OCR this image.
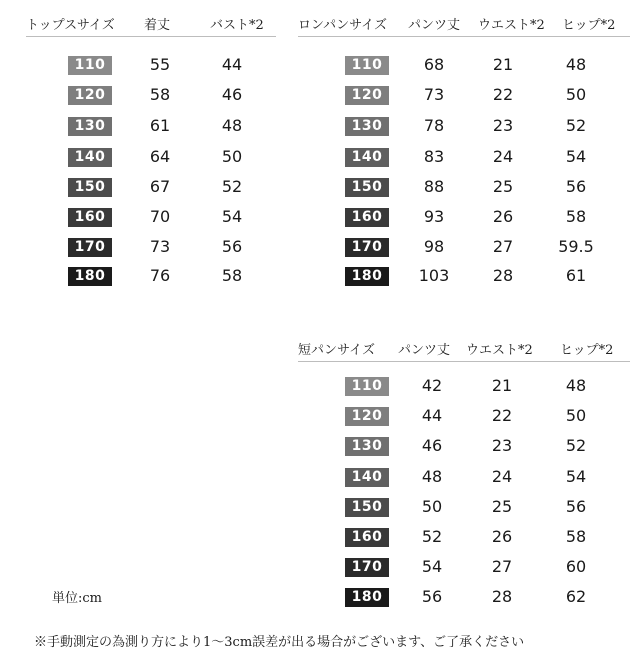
トップスサイズ 着丈	バスト*2
110	55	44
120	58	46
130	61	48
140	64	50
150	67	52
160	70	54
170	73	56
180	76	58
ロンパンサイズ パンツ丈 ウエスト*2 ヒップ*2
110	68	21	48
120	73	22	50
130	78	23	52
140	83	24	54
150	88	25	56
160	93	26	58
170	98	27	59.5
180	103	28	61
短パンサイズ パンツ丈 ウエスト*2 ヒップ*2
110	42	21	48
120	44	22	50
130	46	23	52
140	48	24	54
150	50	25	56
160	52	26	58
170	54	27	60
180	56	28	62
単位:cm
※手動測定の為測り方により1～3cm誤差が出る場合がございます、ご了承ください
